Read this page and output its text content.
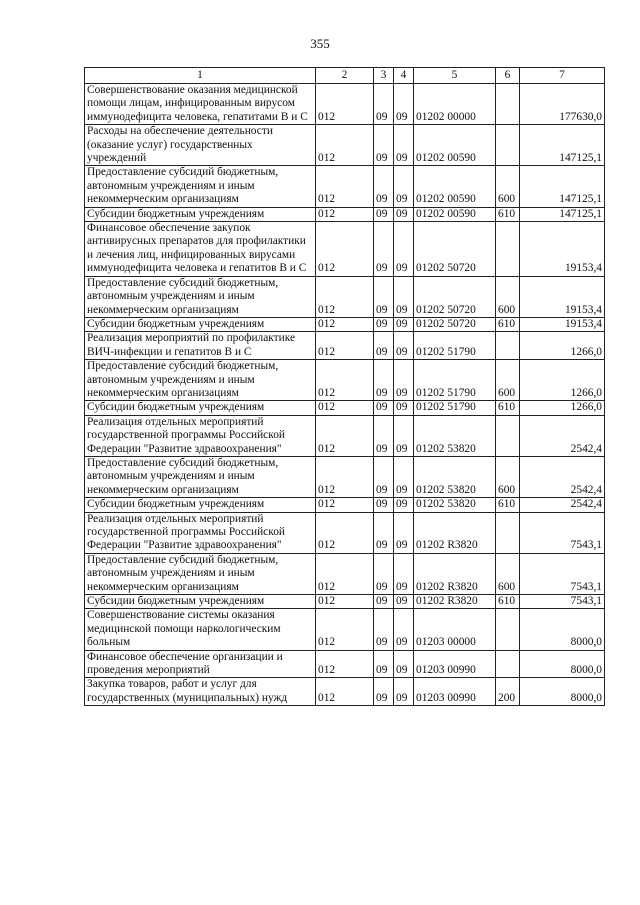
355
1	2	3	4	5	6	7
Совершенствование оказания медицинской помощи лицам, инфицированным вирусом иммунодефицита человека, гепатитами В и С	012	09	09	01202 00000		177630,0
Расходы на обеспечение деятельности (оказание услуг) государственных учреждений	012	09	09	01202 00590		147125,1
Предоставление субсидий бюджетным, автономным учреждениям и иным некоммерческим организациям	012	09	09	01202 00590	600	147125,1
Субсидии бюджетным учреждениям	012	09	09	01202 00590	610	147125,1
Финансовое обеспечение закупок антивирусных препаратов для профилактики и лечения лиц, инфицированных вирусами иммунодефицита человека и гепатитов В и С	012	09	09	01202 50720		19153,4
Предоставление субсидий бюджетным, автономным учреждениям и иным некоммерческим организациям	012	09	09	01202 50720	600	19153,4
Субсидии бюджетным учреждениям	012	09	09	01202 50720	610	19153,4
Реализация мероприятий по профилактике ВИЧ-инфекции и гепатитов В и С	012	09	09	01202 51790		1266,0
Предоставление субсидий бюджетным, автономным учреждениям и иным некоммерческим организациям	012	09	09	01202 51790	600	1266,0
Субсидии бюджетным учреждениям	012	09	09	01202 51790	610	1266,0
Реализация отдельных мероприятий государственной программы Российской Федерации "Развитие здравоохранения"	012	09	09	01202 53820		2542,4
Предоставление субсидий бюджетным, автономным учреждениям и иным некоммерческим организациям	012	09	09	01202 53820	600	2542,4
Субсидии бюджетным учреждениям	012	09	09	01202 53820	610	2542,4
Реализация отдельных мероприятий государственной программы Российской Федерации "Развитие здравоохранения"	012	09	09	01202 R3820		7543,1
Предоставление субсидий бюджетным, автономным учреждениям и иным некоммерческим организациям	012	09	09	01202 R3820	600	7543,1
Субсидии бюджетным учреждениям	012	09	09	01202 R3820	610	7543,1
Совершенствование системы оказания медицинской помощи наркологическим больным	012	09	09	01203 00000		8000,0
Финансовое обеспечение организации и проведения мероприятий	012	09	09	01203 00990		8000,0
Закупка товаров, работ и услуг для государственных (муниципальных) нужд	012	09	09	01203 00990	200	8000,0
